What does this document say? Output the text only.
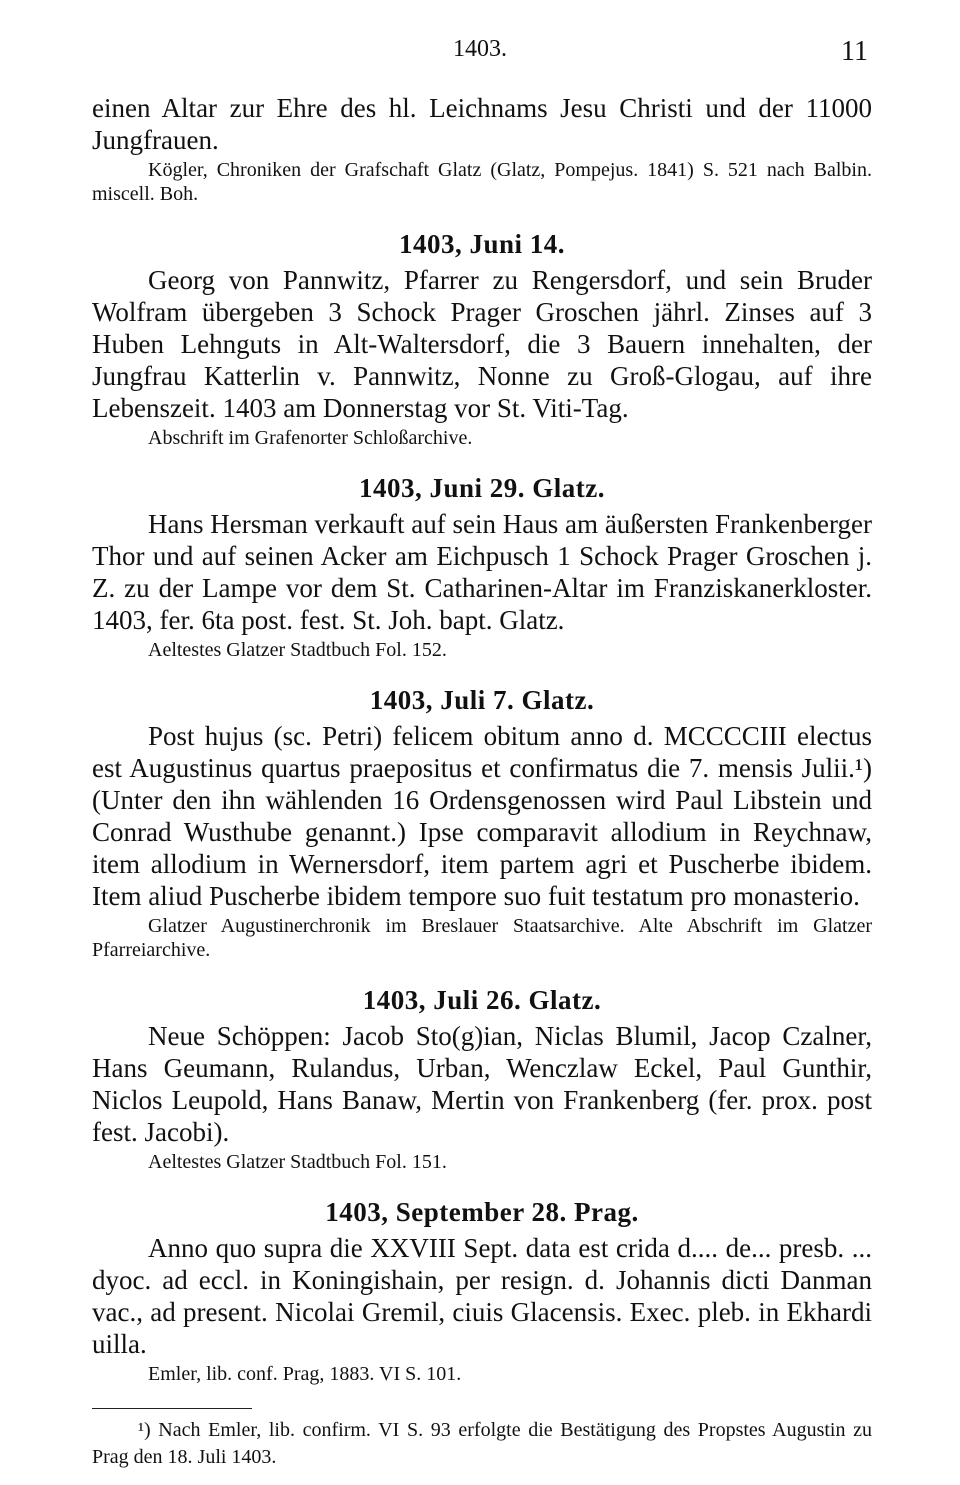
1403.	11

einen Altar zur Ehre des hl. Leichnams Jesu Christi und der 11000 Jungfrauen.

Kögler, Chroniken der Grafschaft Glatz (Glatz, Pompejus. 1841) S. 521 nach Balbin. miscell. Boh.

1403, Juni 14.

Georg von Pannwitz, Pfarrer zu Rengersdorf, und sein Bruder Wolfram übergeben 3 Schock Prager Groschen jährl. Zinses auf 3 Huben Lehnguts in Alt-Waltersdorf, die 3 Bauern innehalten, der Jungfrau Katterlin v. Pannwitz, Nonne zu Groß-Glogau, auf ihre Lebenszeit. 1403 am Donnerstag vor St. Viti-Tag.

Abschrift im Grafenorter Schloßarchive.

1403, Juni 29. Glatz.

Hans Hersman verkauft auf sein Haus am äußersten Frankenberger Thor und auf seinen Acker am Eichpusch 1 Schock Prager Groschen j. Z. zu der Lampe vor dem St. Catharinen-Altar im Franziskanerkloster. 1403, fer. 6ta post. fest. St. Joh. bapt. Glatz.

Aeltestes Glatzer Stadtbuch Fol. 152.

1403, Juli 7. Glatz.

Post hujus (sc. Petri) felicem obitum anno d. MCCCCIII electus est Augustinus quartus praepositus et confirmatus die 7. mensis Julii.¹) (Unter den ihn wählenden 16 Ordensgenossen wird Paul Libstein und Conrad Wusthube genannt.) Ipse comparavit allodium in Reychnaw, item allodium in Wernersdorf, item partem agri et Puscherbe ibidem. Item aliud Puscherbe ibidem tempore suo fuit testatum pro monasterio.

Glatzer Augustinerchronik im Breslauer Staatsarchive. Alte Abschrift im Glatzer Pfarreiarchive.

1403, Juli 26. Glatz.

Neue Schöppen: Jacob Sto(g)ian, Niclas Blumil, Jacop Czalner, Hans Geumann, Rulandus, Urban, Wenczlaw Eckel, Paul Gunthir, Niclos Leupold, Hans Banaw, Mertin von Frankenberg (fer. prox. post fest. Jacobi).

Aeltestes Glatzer Stadtbuch Fol. 151.

1403, September 28. Prag.

Anno quo supra die XXVIII Sept. data est crida d.... de... presb. ... dyoc. ad eccl. in Koningishain, per resign. d. Johannis dicti Danman vac., ad present. Nicolai Gremil, ciuis Glacensis. Exec. pleb. in Ekhardi uilla.

Emler, lib. conf. Prag, 1883. VI S. 101.

¹) Nach Emler, lib. confirm. VI S. 93 erfolgte die Bestätigung des Propstes Augustin zu Prag den 18. Juli 1403.
